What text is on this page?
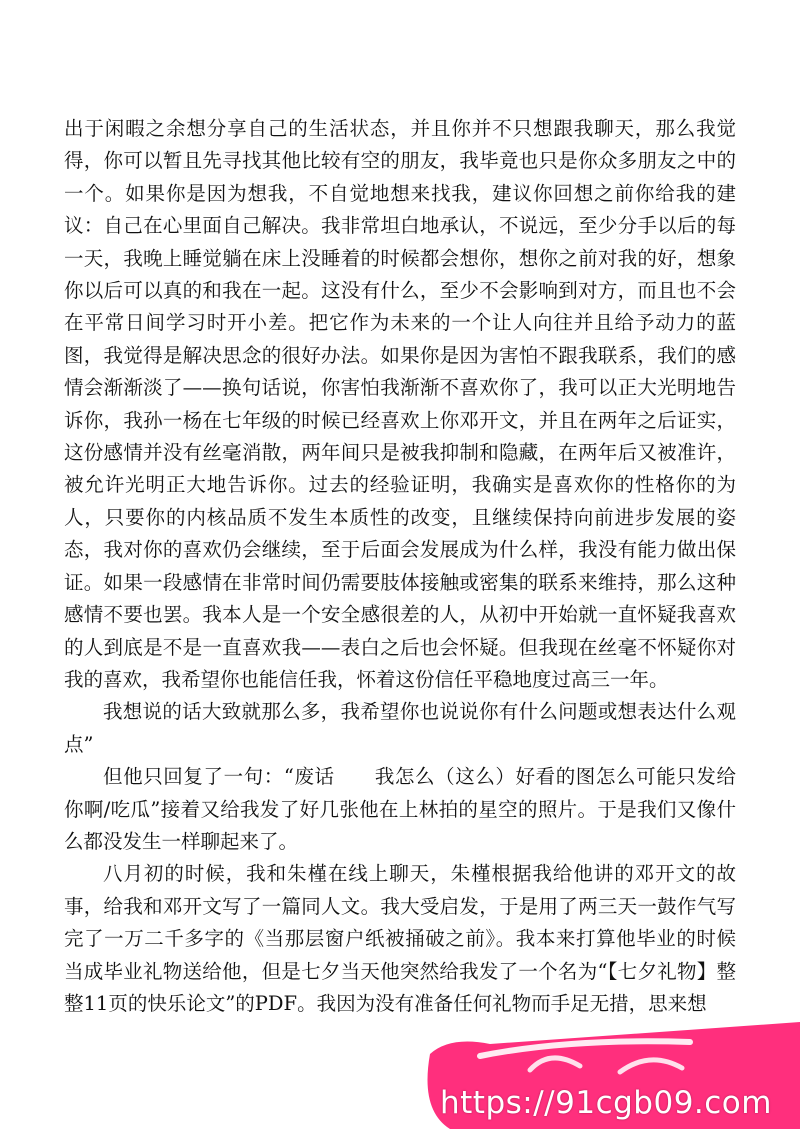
出于闲暇之余想分享自己的生活状态，并且你并不只想跟我聊天，那么我觉得，你可以暂且先寻找其他比较有空的朋友，我毕竟也只是你众多朋友之中的一个。如果你是因为想我，不自觉地想来找我，建议你回想之前你给我的建议：自己在心里面自己解决。我非常坦白地承认，不说远，至少分手以后的每一天，我晚上睡觉躺在床上没睡着的时候都会想你，想你之前对我的好，想象你以后可以真的和我在一起。这没有什么，至少不会影响到对方，而且也不会在平常日间学习时开小差。把它作为未来的一个让人向往并且给予动力的蓝图，我觉得是解决思念的很好办法。如果你是因为害怕不跟我联系，我们的感情会渐渐淡了——换句话说，你害怕我渐渐不喜欢你了，我可以正大光明地告诉你，我孙一杨在七年级的时候已经喜欢上你邓开文，并且在两年之后证实，这份感情并没有丝毫消散，两年间只是被我抑制和隐藏，在两年后又被准许，被允许光明正大地告诉你。过去的经验证明，我确实是喜欢你的性格你的为人，只要你的内核品质不发生本质性的改变，且继续保持向前进步发展的姿态，我对你的喜欢仍会继续，至于后面会发展成为什么样，我没有能力做出保证。如果一段感情在非常时间仍需要肢体接触或密集的联系来维持，那么这种感情不要也罢。我本人是一个安全感很差的人，从初中开始就一直怀疑我喜欢的人到底是不是一直喜欢我——表白之后也会怀疑。但我现在丝毫不怀疑你对我的喜欢，我希望你也能信任我，怀着这份信任平稳地度过高三一年。

我想说的话大致就那么多，我希望你也说说你有什么问题或想表达什么观点”

但他只回复了一句：“废话　　我怎么（这么）好看的图怎么可能只发给你啊/吃瓜”接着又给我发了好几张他在上林拍的星空的照片。于是我们又像什么都没发生一样聊起来了。

八月初的时候，我和朱槿在线上聊天，朱槿根据我给他讲的邓开文的故事，给我和邓开文写了一篇同人文。我大受启发，于是用了两三天一鼓作气写完了一万二千多字的《当那层窗户纸被捅破之前》。我本来打算他毕业的时候当成毕业礼物送给他，但是七夕当天他突然给我发了一个名为“【七夕礼物】整整11页的快乐论文”的PDF。我因为没有准备任何礼物而手足无措，思来想

https://91cgb09.com
